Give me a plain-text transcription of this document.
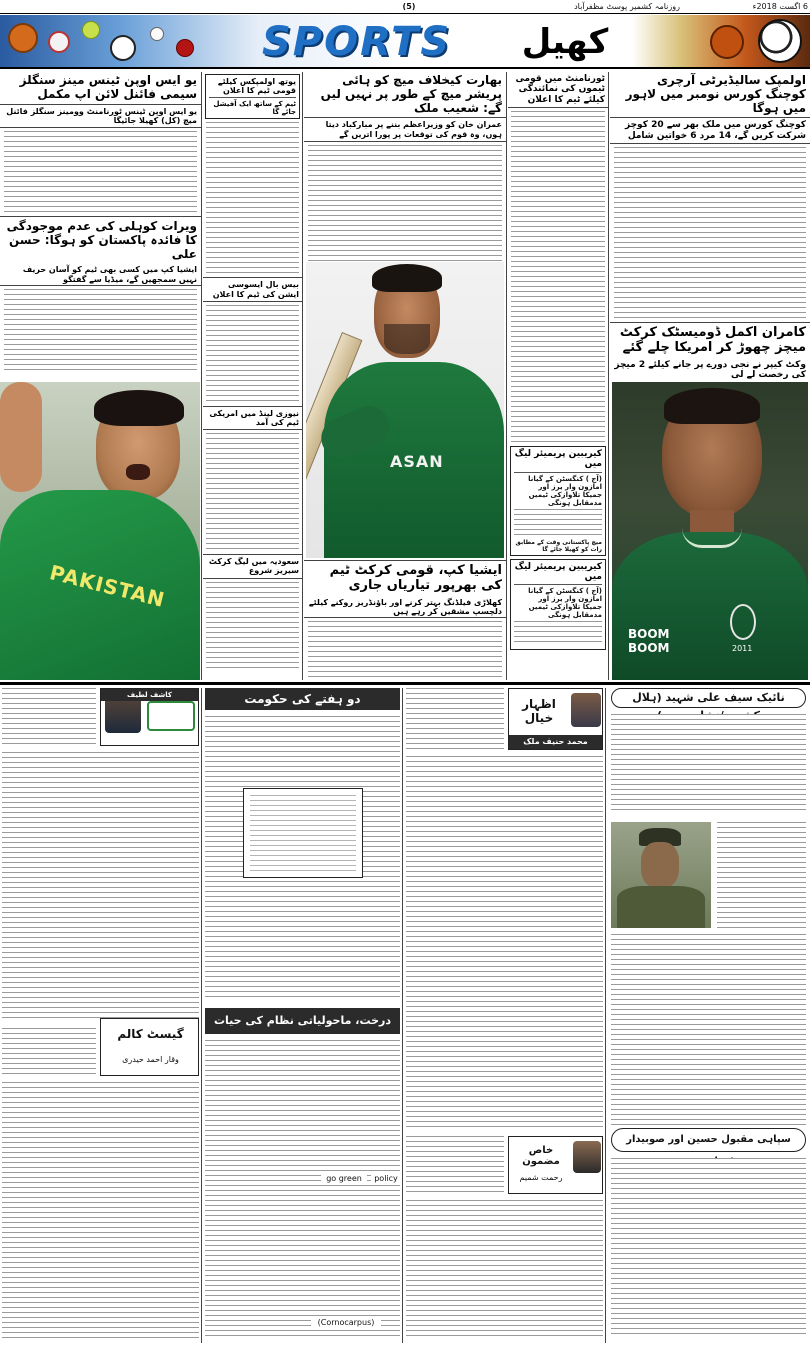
6 اگست 2018ء
(5)	روزنامہ کشمیر پوسٹ مظفرآباد
SPORTS	کھیل
اولمپک سالیڈیرٹی آرچری کوچنگ کورس نومبر میں لاہور میں ہوگا
کوچنگ کورس میں ملک بھر سے 20 کوچز شرکت کریں گے، 14 مرد 6 خواتین شامل
کامران اکمل ڈومیسٹک کرکٹ میچز چھوڑ کر امریکا چلے گئے
وکٹ کیپر نے نجی دورے پر جانے کیلئے 2 میچز کی رخصت لے لی
BOOM BOOM	2011
ٹورنامنٹ میں قومی ٹیموں کی نمائندگی کیلئے ٹیم کا اعلان
کیریبین پریمیئر لیگ میں
(آج ) کنگسٹن کے گیانا امازون وار یرز اور
جمیکا تلاوازکی ٹیمیں مدمقابل ہونگی
میچ پاکستانی وقت کے مطابق رات کو کھیلا جائے گا
کیریبین پریمیئر لیگ میں
(آج ) کنگسٹن کے گیانا امازون وار یرز اور
جمیکا تلاوازکی ٹیمیں مدمقابل ہونگی
بھارت کیخلاف میچ کو ہائی پریشر میچ کے طور پر نہیں لیں گے: شعیب ملک
عمران خان کو وزیراعظم بننے پر مبارکباد دیتا ہوں، وہ قوم کی توقعات پر پورا اتریں گے
ASAN
ایشیا کپ، قومی کرکٹ ٹیم کی بھرپور تیاریاں جاری
کھلاڑی فیلڈنگ بہتر کرنے اور باؤنڈریز روکنے کیلئے دلچسپ مشقیں کر رہے ہیں
یوتھ اولمپکس کیلئے قومی ٹیم کا اعلان
ٹیم کے ساتھ ایک آفیشل جائے گا
بیس بال ایسوسی ایشن کی ٹیم کا اعلان
نیوزی لینڈ میں امریکی ٹیم کی آمد
سعودیہ میں لیگ کرکٹ سیریز شروع
یو ایس اوپن ٹینس مینز سنگلز سیمی فائنل لائن اپ مکمل
یو ایس اوپن ٹینس ٹورنامنٹ وومینز سنگلز فائنل میچ (کل) کھیلا جائیگا
ویرات کوہلی کی عدم موجودگی کا فائدہ پاکستان کو ہوگا: حسن علی
ایشیا کپ میں کسی بھی ٹیم کو آسان حریف نہیں سمجھیں گے، میڈیا سے گفتگو
PAKISTAN
نائیک سیف علی شہید (ہلال
سپاہی مقبول حسین اور صوبیدار
اظہار خیال
محمد حنیف ملک
خاص مضمون
رحمت شمیم
دو ہفتے کی حکومت
درخت، ماحولیاتی نظام کی حیات
go green	policy
(Cornocarpus)
کاشف لطیف
گیسٹ کالم
وقار احمد حیدری
